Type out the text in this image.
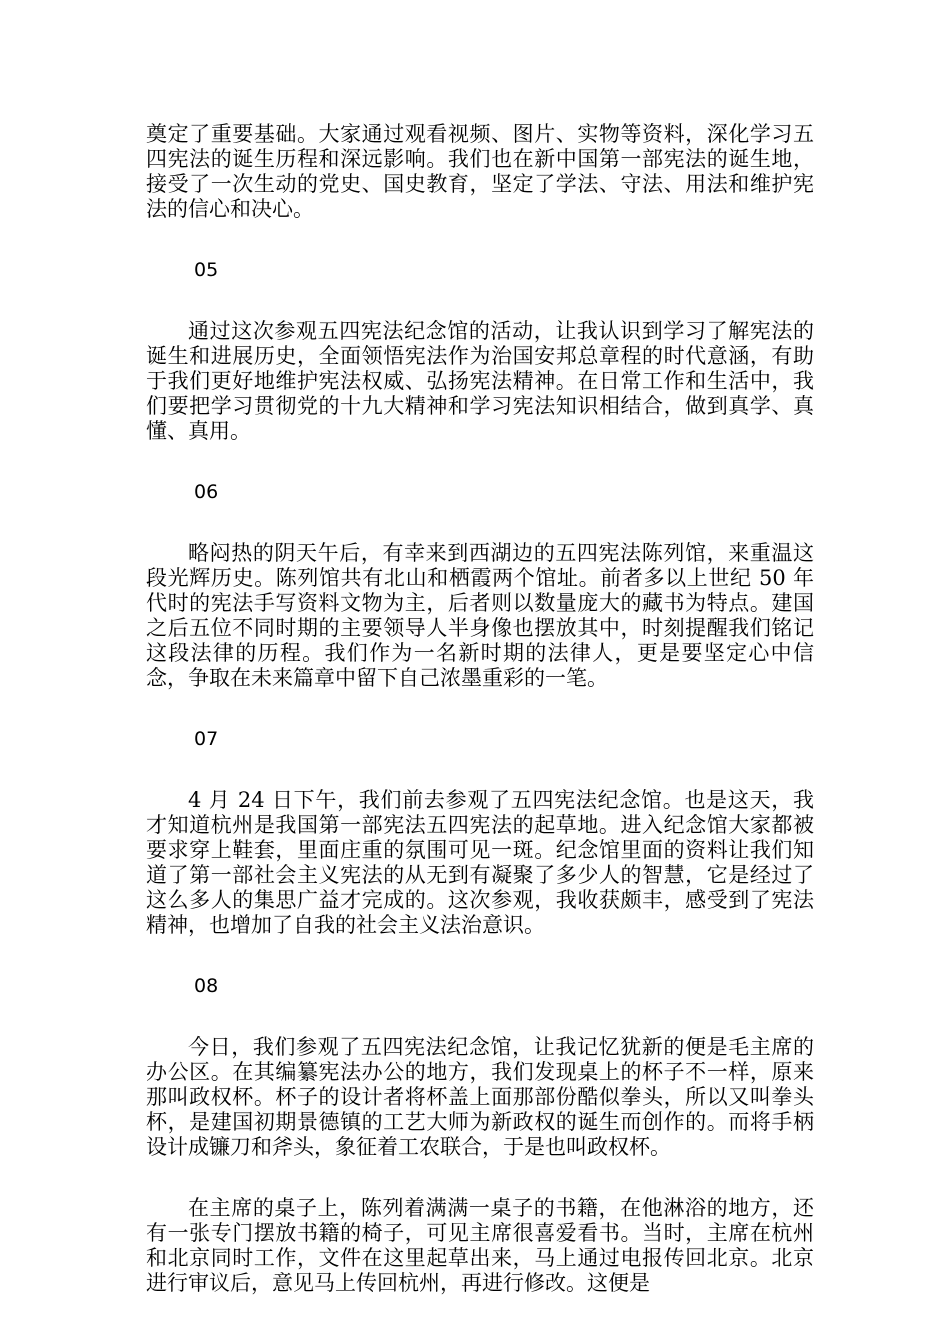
奠定了重要基础。大家通过观看视频、图片、实物等资料，深化学习五四宪法的诞生历程和深远影响。我们也在新中国第一部宪法的诞生地，接受了一次生动的党史、国史教育，坚定了学法、守法、用法和维护宪法的信心和决心。

05

通过这次参观五四宪法纪念馆的活动，让我认识到学习了解宪法的诞生和进展历史，全面领悟宪法作为治国安邦总章程的时代意涵，有助于我们更好地维护宪法权威、弘扬宪法精神。在日常工作和生活中，我们要把学习贯彻党的十九大精神和学习宪法知识相结合，做到真学、真懂、真用。

06

略闷热的阴天午后，有幸来到西湖边的五四宪法陈列馆，来重温这段光辉历史。陈列馆共有北山和栖霞两个馆址。前者多以上世纪 50 年代时的宪法手写资料文物为主，后者则以数量庞大的藏书为特点。建国之后五位不同时期的主要领导人半身像也摆放其中，时刻提醒我们铭记这段法律的历程。我们作为一名新时期的法律人，更是要坚定心中信念，争取在未来篇章中留下自己浓墨重彩的一笔。

07

4 月 24 日下午，我们前去参观了五四宪法纪念馆。也是这天，我才知道杭州是我国第一部宪法五四宪法的起草地。进入纪念馆大家都被要求穿上鞋套，里面庄重的氛围可见一斑。纪念馆里面的资料让我们知道了第一部社会主义宪法的从无到有凝聚了多少人的智慧，它是经过了这么多人的集思广益才完成的。这次参观，我收获颇丰，感受到了宪法精神，也增加了自我的社会主义法治意识。

08

今日，我们参观了五四宪法纪念馆，让我记忆犹新的便是毛主席的办公区。在其编纂宪法办公的地方，我们发现桌上的杯子不一样，原来那叫政权杯。杯子的设计者将杯盖上面那部份酷似拳头，所以又叫拳头杯，是建国初期景德镇的工艺大师为新政权的诞生而创作的。而将手柄设计成镰刀和斧头，象征着工农联合，于是也叫政权杯。

在主席的桌子上，陈列着满满一桌子的书籍，在他淋浴的地方，还有一张专门摆放书籍的椅子，可见主席很喜爱看书。当时，主席在杭州和北京同时工作，文件在这里起草出来，马上通过电报传回北京。北京进行审议后，意见马上传回杭州，再进行修改。这便是
